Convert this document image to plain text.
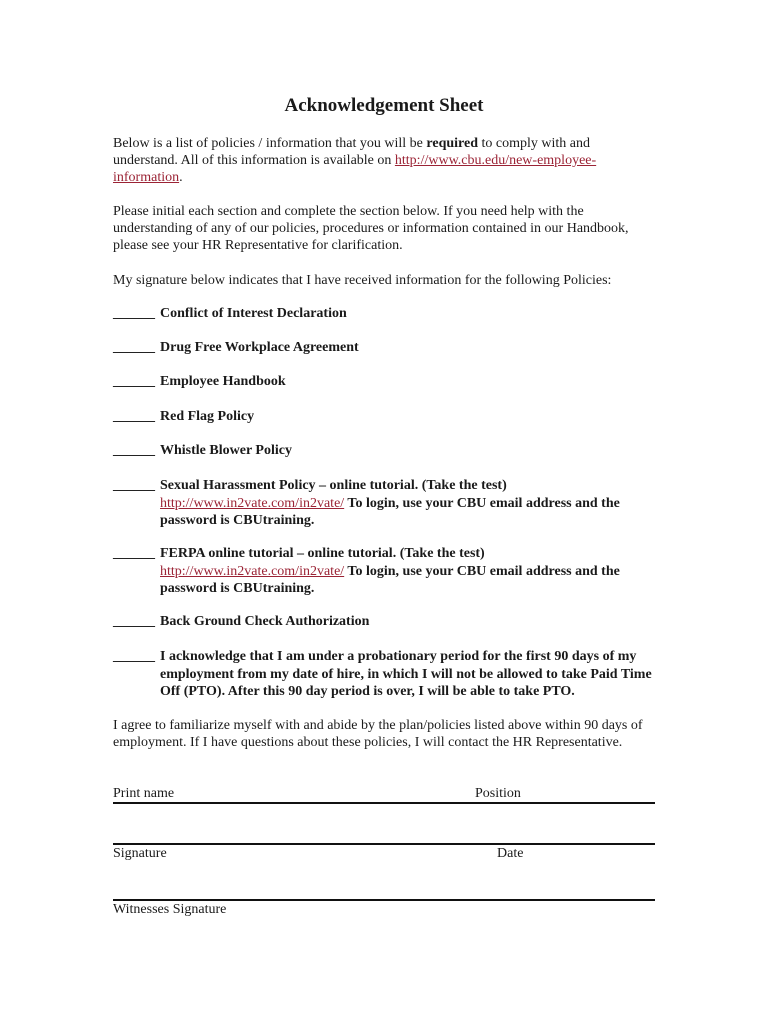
Acknowledgement Sheet
Below is a list of policies / information that you will be required to comply with and understand. All of this information is available on http://www.cbu.edu/new-employee-information.
Please initial each section and complete the section below. If you need help with the understanding of any of our policies, procedures or information contained in our Handbook, please see your HR Representative for clarification.
My signature below indicates that I have received information for the following Policies:
______ Conflict of Interest Declaration
______ Drug Free Workplace Agreement
______ Employee Handbook
______ Red Flag Policy
______ Whistle Blower Policy
______ Sexual Harassment Policy – online tutorial. (Take the test)
http://www.in2vate.com/in2vate/ To login, use your CBU email address and the password is CBUtraining.
______ FERPA online tutorial – online tutorial. (Take the test)
http://www.in2vate.com/in2vate/ To login, use your CBU email address and the password is CBUtraining.
______ Back Ground Check Authorization
______ I acknowledge that I am under a probationary period for the first 90 days of my employment from my date of hire, in which I will not be allowed to take Paid Time Off (PTO). After this 90 day period is over, I will be able to take PTO.
I agree to familiarize myself with and abide by the plan/policies listed above within 90 days of employment. If I have questions about these policies, I will contact the HR Representative.
Print name	Position
Signature	Date
Witnesses Signature
